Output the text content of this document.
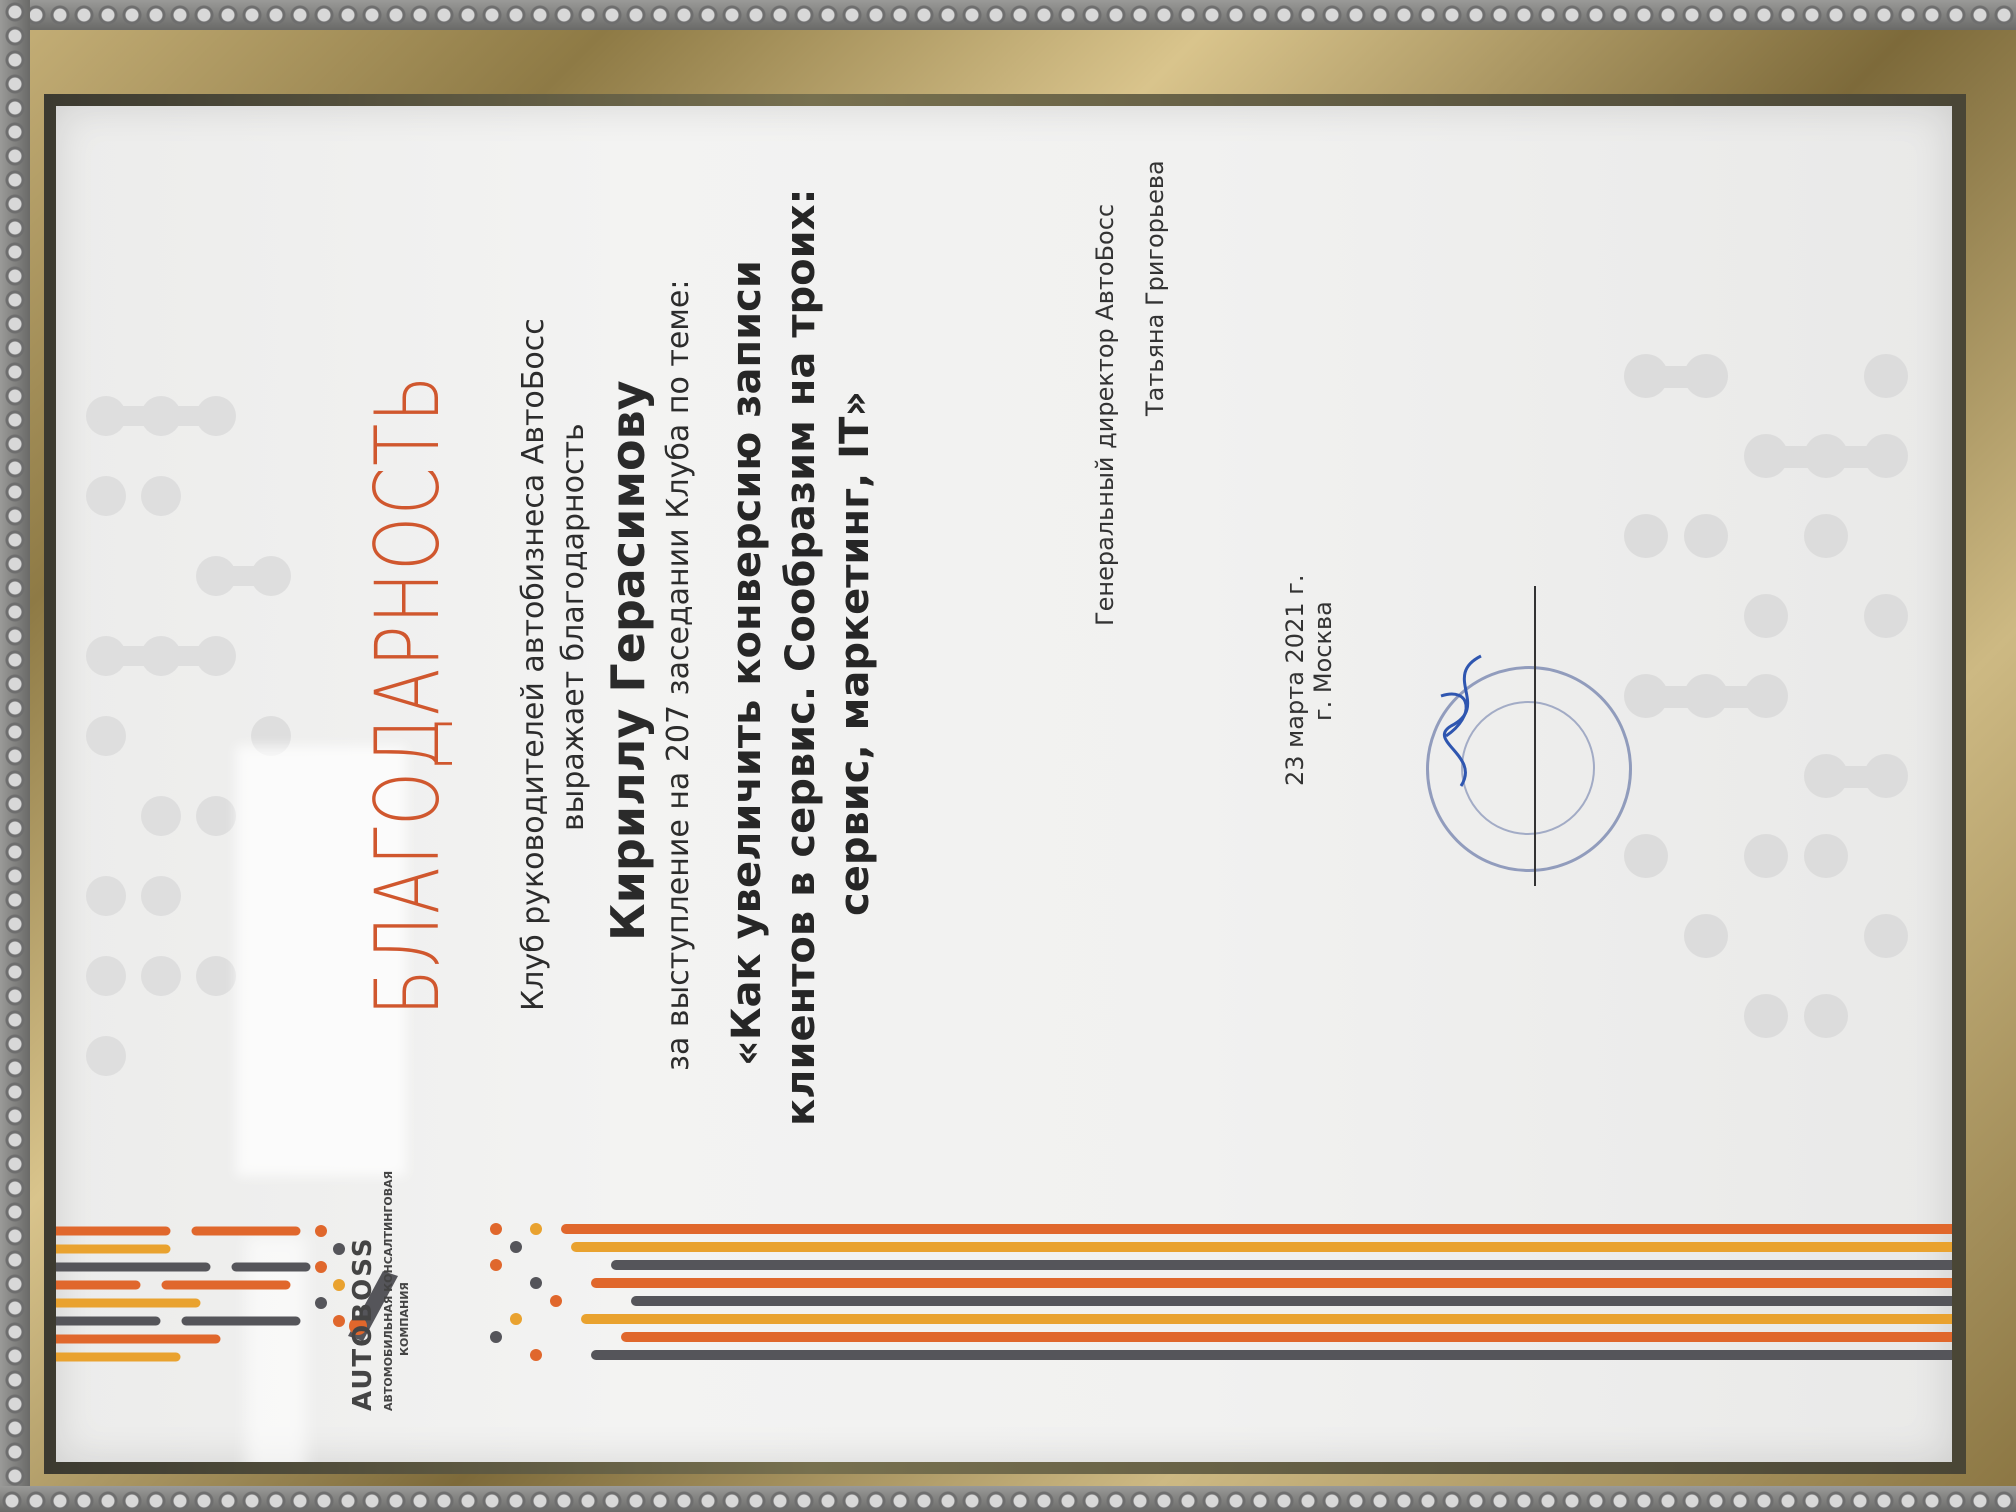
AUTOBOSS АВТОМОБИЛЬНАЯ КОНСАЛТИНГОВАЯ КОМПАНИЯ
БЛАГОДАРНОСТЬ Клуб руководителей автобизнеса АвтоБосс выражает благодарность Кириллу Герасимову за выступление на 207 заседании Клуба по теме: «Как увеличить конверсию записи клиентов в сервис. Сообразим на троих: сервис, маркетинг, IT»	Генеральный директор АвтоБосс Татьяна Григорьева
23 марта 2021 г. г. Москва
